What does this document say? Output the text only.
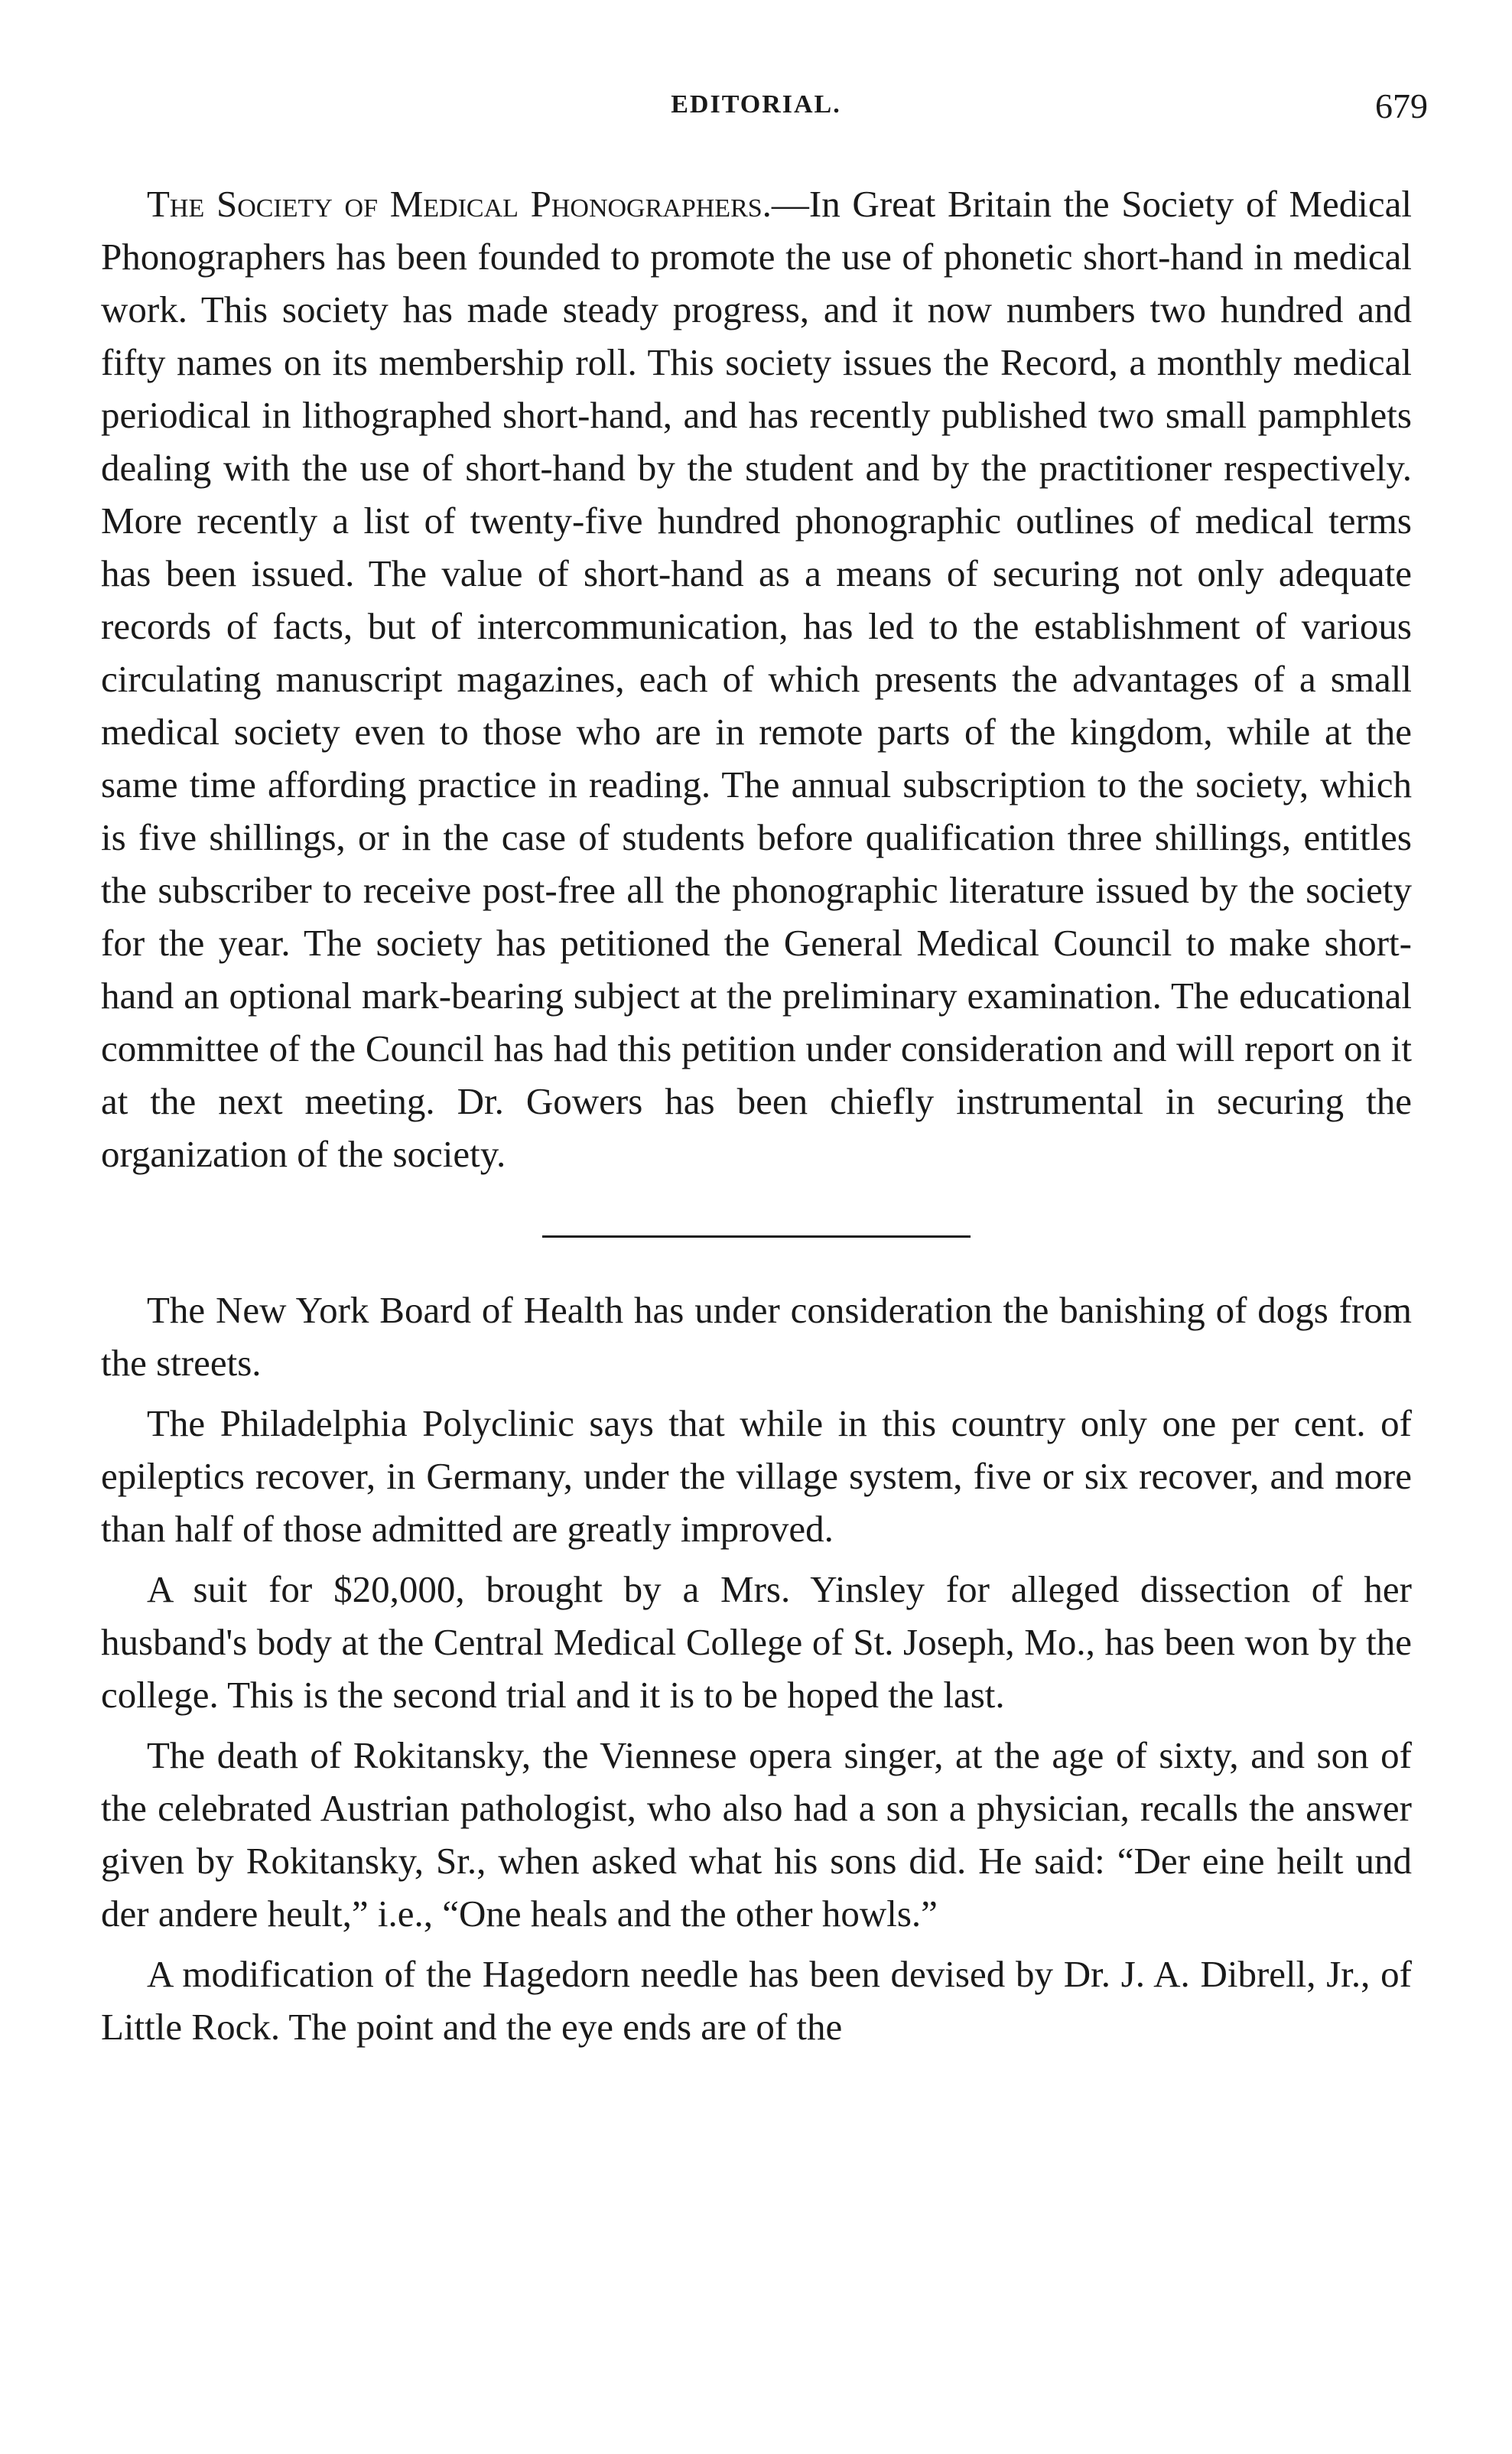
EDITORIAL.	679

The Society of Medical Phonographers.—In Great Britain the Society of Medical Phonographers has been founded to promote the use of phonetic short-hand in medical work. This society has made steady progress, and it now numbers two hundred and fifty names on its membership roll. This society issues the Record, a monthly medical periodical in lithographed short-hand, and has recently published two small pamphlets dealing with the use of short-hand by the student and by the practitioner respectively. More recently a list of twenty-five hundred phonographic outlines of medical terms has been issued. The value of short-hand as a means of securing not only adequate records of facts, but of intercommunication, has led to the establishment of various circulating manuscript magazines, each of which presents the advantages of a small medical society even to those who are in remote parts of the kingdom, while at the same time affording practice in reading. The annual subscription to the society, which is five shillings, or in the case of students before qualification three shillings, entitles the subscriber to receive post-free all the phonographic literature issued by the society for the year. The society has petitioned the General Medical Council to make short-hand an optional mark-bearing subject at the preliminary examination. The educational committee of the Council has had this petition under consideration and will report on it at the next meeting. Dr. Gowers has been chiefly instrumental in securing the organization of the society.

The New York Board of Health has under consideration the banishing of dogs from the streets.

The Philadelphia Polyclinic says that while in this country only one per cent. of epileptics recover, in Germany, under the village system, five or six recover, and more than half of those admitted are greatly improved.

A suit for $20,000, brought by a Mrs. Yinsley for alleged dissection of her husband's body at the Central Medical College of St. Joseph, Mo., has been won by the college. This is the second trial and it is to be hoped the last.

The death of Rokitansky, the Viennese opera singer, at the age of sixty, and son of the celebrated Austrian pathologist, who also had a son a physician, recalls the answer given by Rokitansky, Sr., when asked what his sons did. He said: “Der eine heilt und der andere heult,” i.e., “One heals and the other howls.”

A modification of the Hagedorn needle has been devised by Dr. J. A. Dibrell, Jr., of Little Rock. The point and the eye ends are of the
